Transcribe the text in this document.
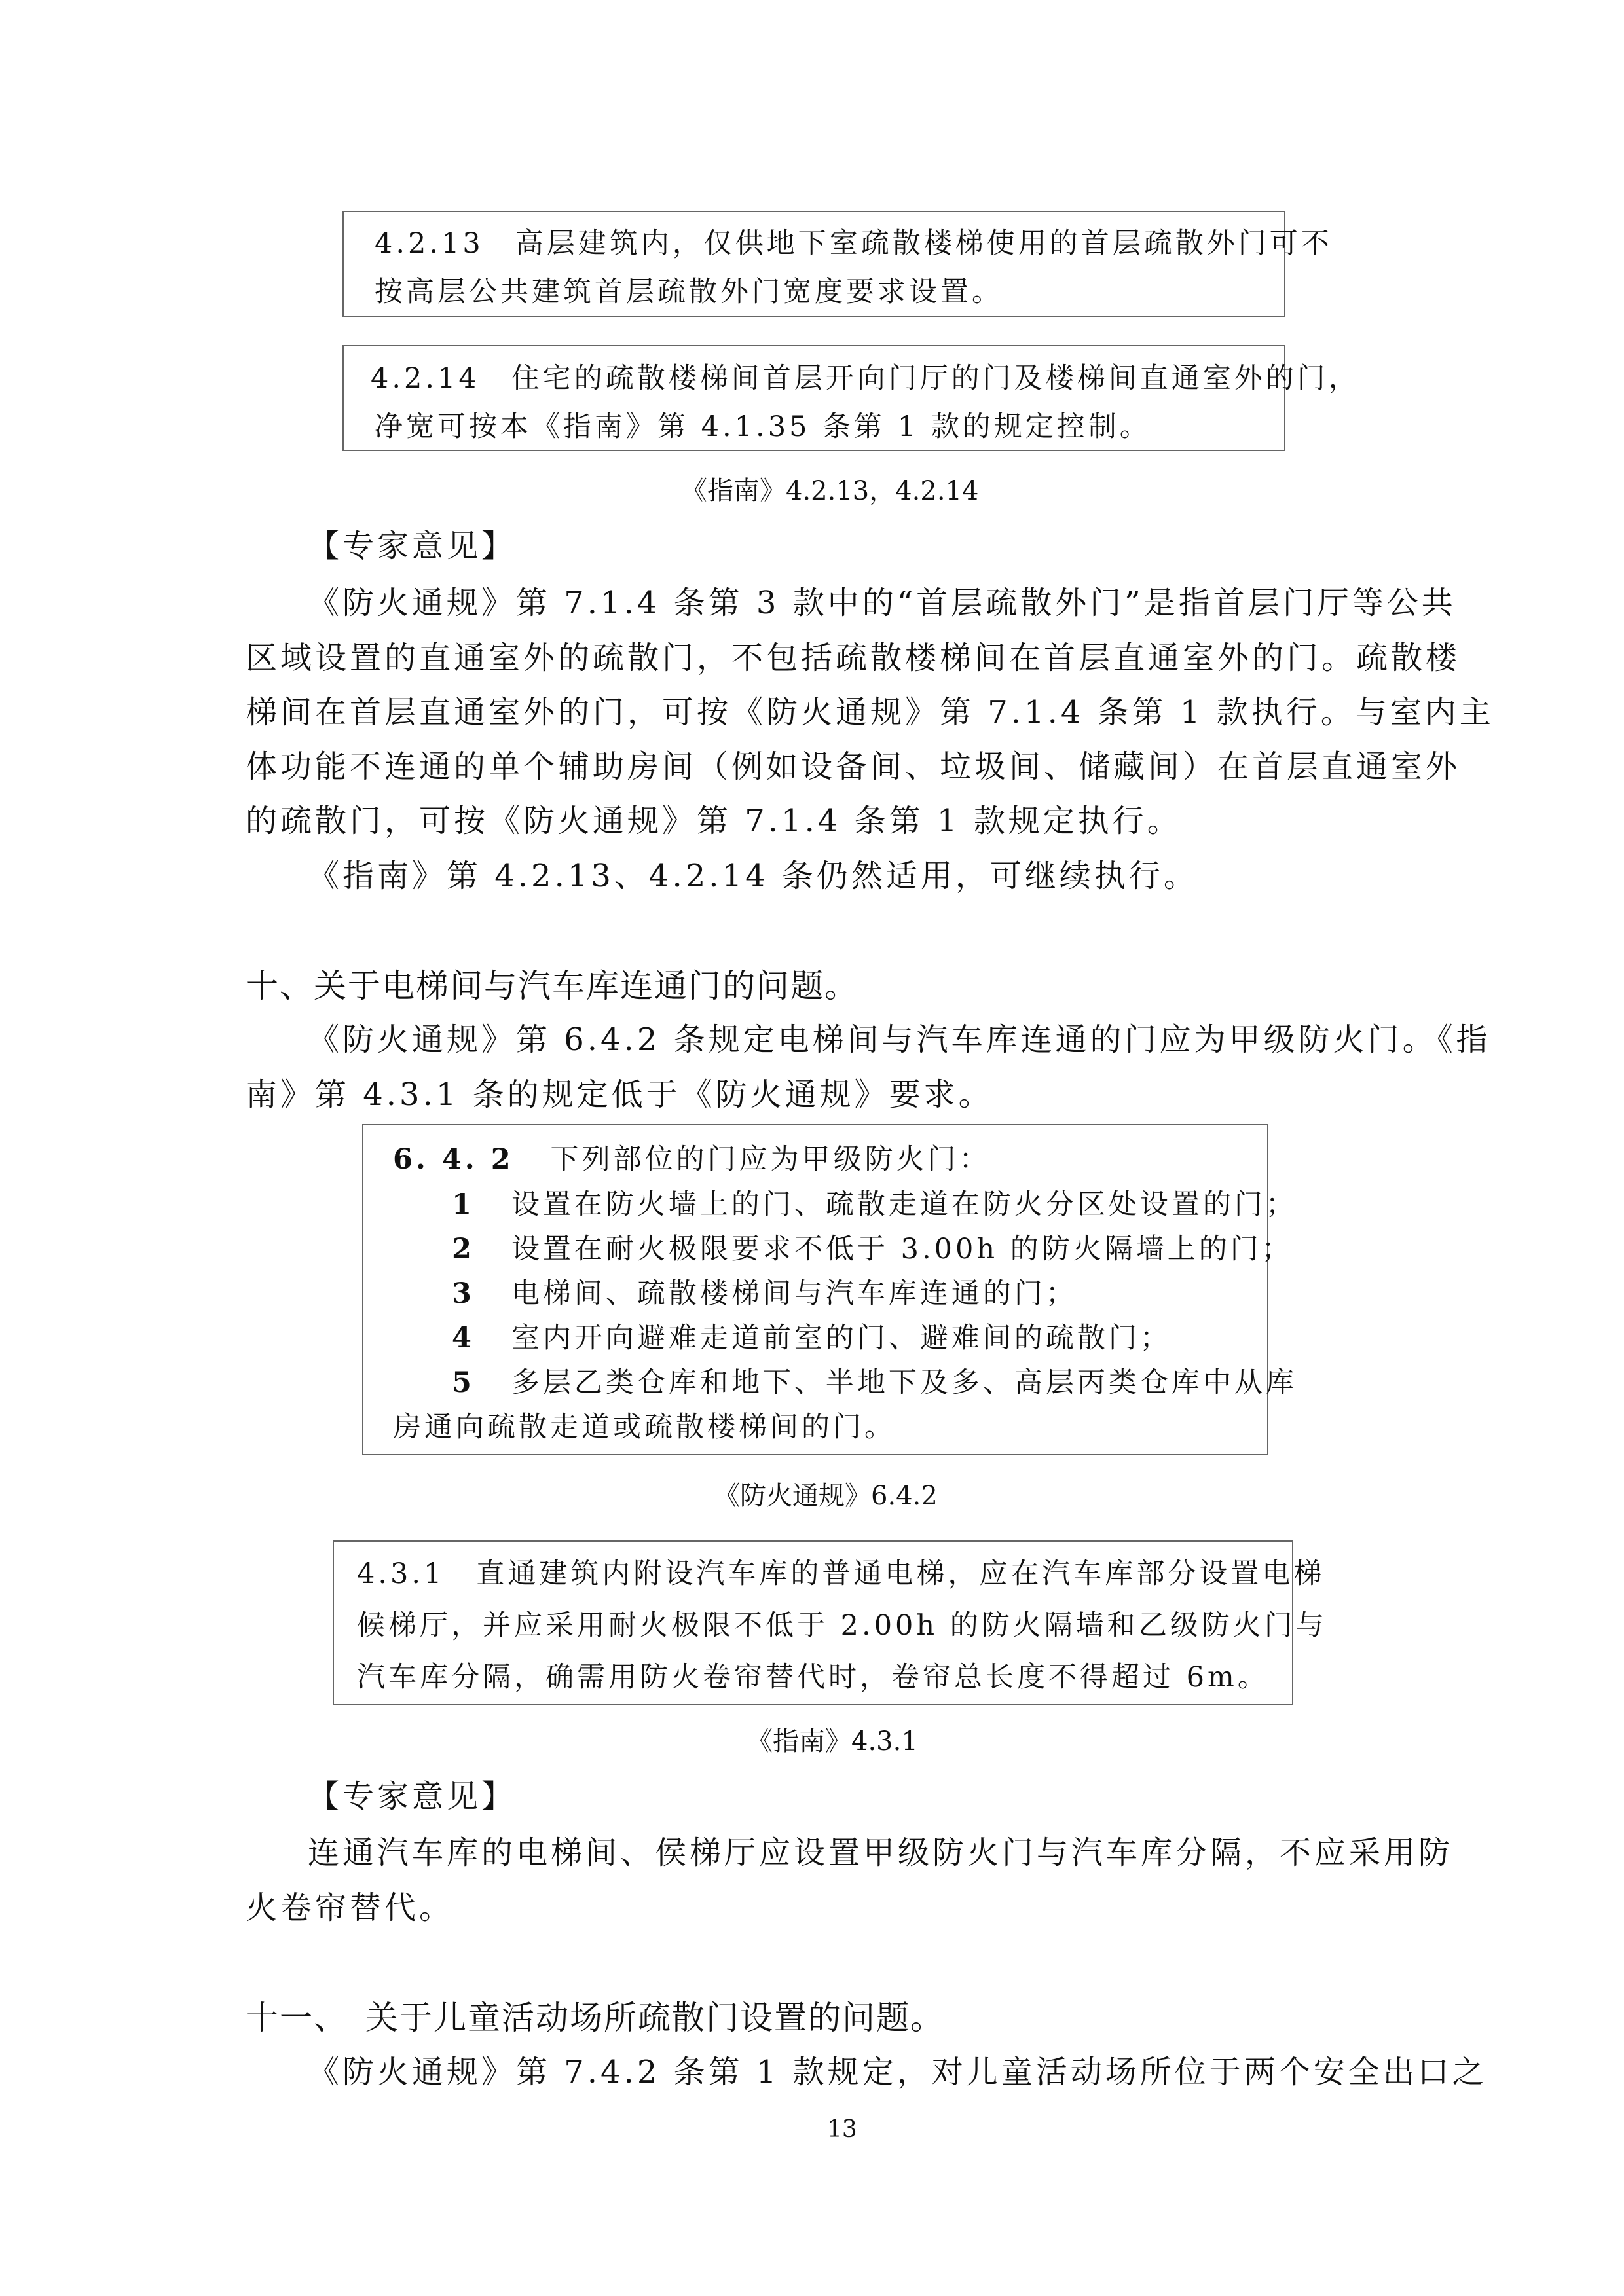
4.2.13　高层建筑内，仅供地下室疏散楼梯使用的首层疏散外门可不
按高层公共建筑首层疏散外门宽度要求设置。
4.2.14　住宅的疏散楼梯间首层开向门厅的门及楼梯间直通室外的门，
净宽可按本《指南》第 4.1.35 条第 1 款的规定控制。
《指南》4.2.13，4.2.14
【专家意见】
《防火通规》第 7.1.4 条第 3 款中的“首层疏散外门”是指首层门厅等公共
区域设置的直通室外的疏散门，不包括疏散楼梯间在首层直通室外的门。疏散楼
梯间在首层直通室外的门，可按《防火通规》第 7.1.4 条第 1 款执行。与室内主
体功能不连通的单个辅助房间（例如设备间、垃圾间、储藏间）在首层直通室外
的疏散门，可按《防火通规》第 7.1.4 条第 1 款规定执行。
《指南》第 4.2.13、4.2.14 条仍然适用，可继续执行。
十、关于电梯间与汽车库连通门的问题。
《防火通规》第 6.4.2 条规定电梯间与汽车库连通的门应为甲级防火门。《指
南》第 4.3.1 条的规定低于《防火通规》要求。
6. 4. 2 下列部位的门应为甲级防火门：
1 设置在防火墙上的门、疏散走道在防火分区处设置的门；
2 设置在耐火极限要求不低于 3.00h 的防火隔墙上的门；
3 电梯间、疏散楼梯间与汽车库连通的门；
4 室内开向避难走道前室的门、避难间的疏散门；
5 多层乙类仓库和地下、半地下及多、高层丙类仓库中从库
房通向疏散走道或疏散楼梯间的门。
《防火通规》6.4.2
4.3.1　直通建筑内附设汽车库的普通电梯，应在汽车库部分设置电梯
候梯厅，并应采用耐火极限不低于 2.00h 的防火隔墙和乙级防火门与
汽车库分隔，确需用防火卷帘替代时，卷帘总长度不得超过 6m。
《指南》4.3.1
【专家意见】
连通汽车库的电梯间、侯梯厅应设置甲级防火门与汽车库分隔，不应采用防
火卷帘替代。
十一、　关于儿童活动场所疏散门设置的问题。
《防火通规》第 7.4.2 条第 1 款规定，对儿童活动场所位于两个安全出口之
13
